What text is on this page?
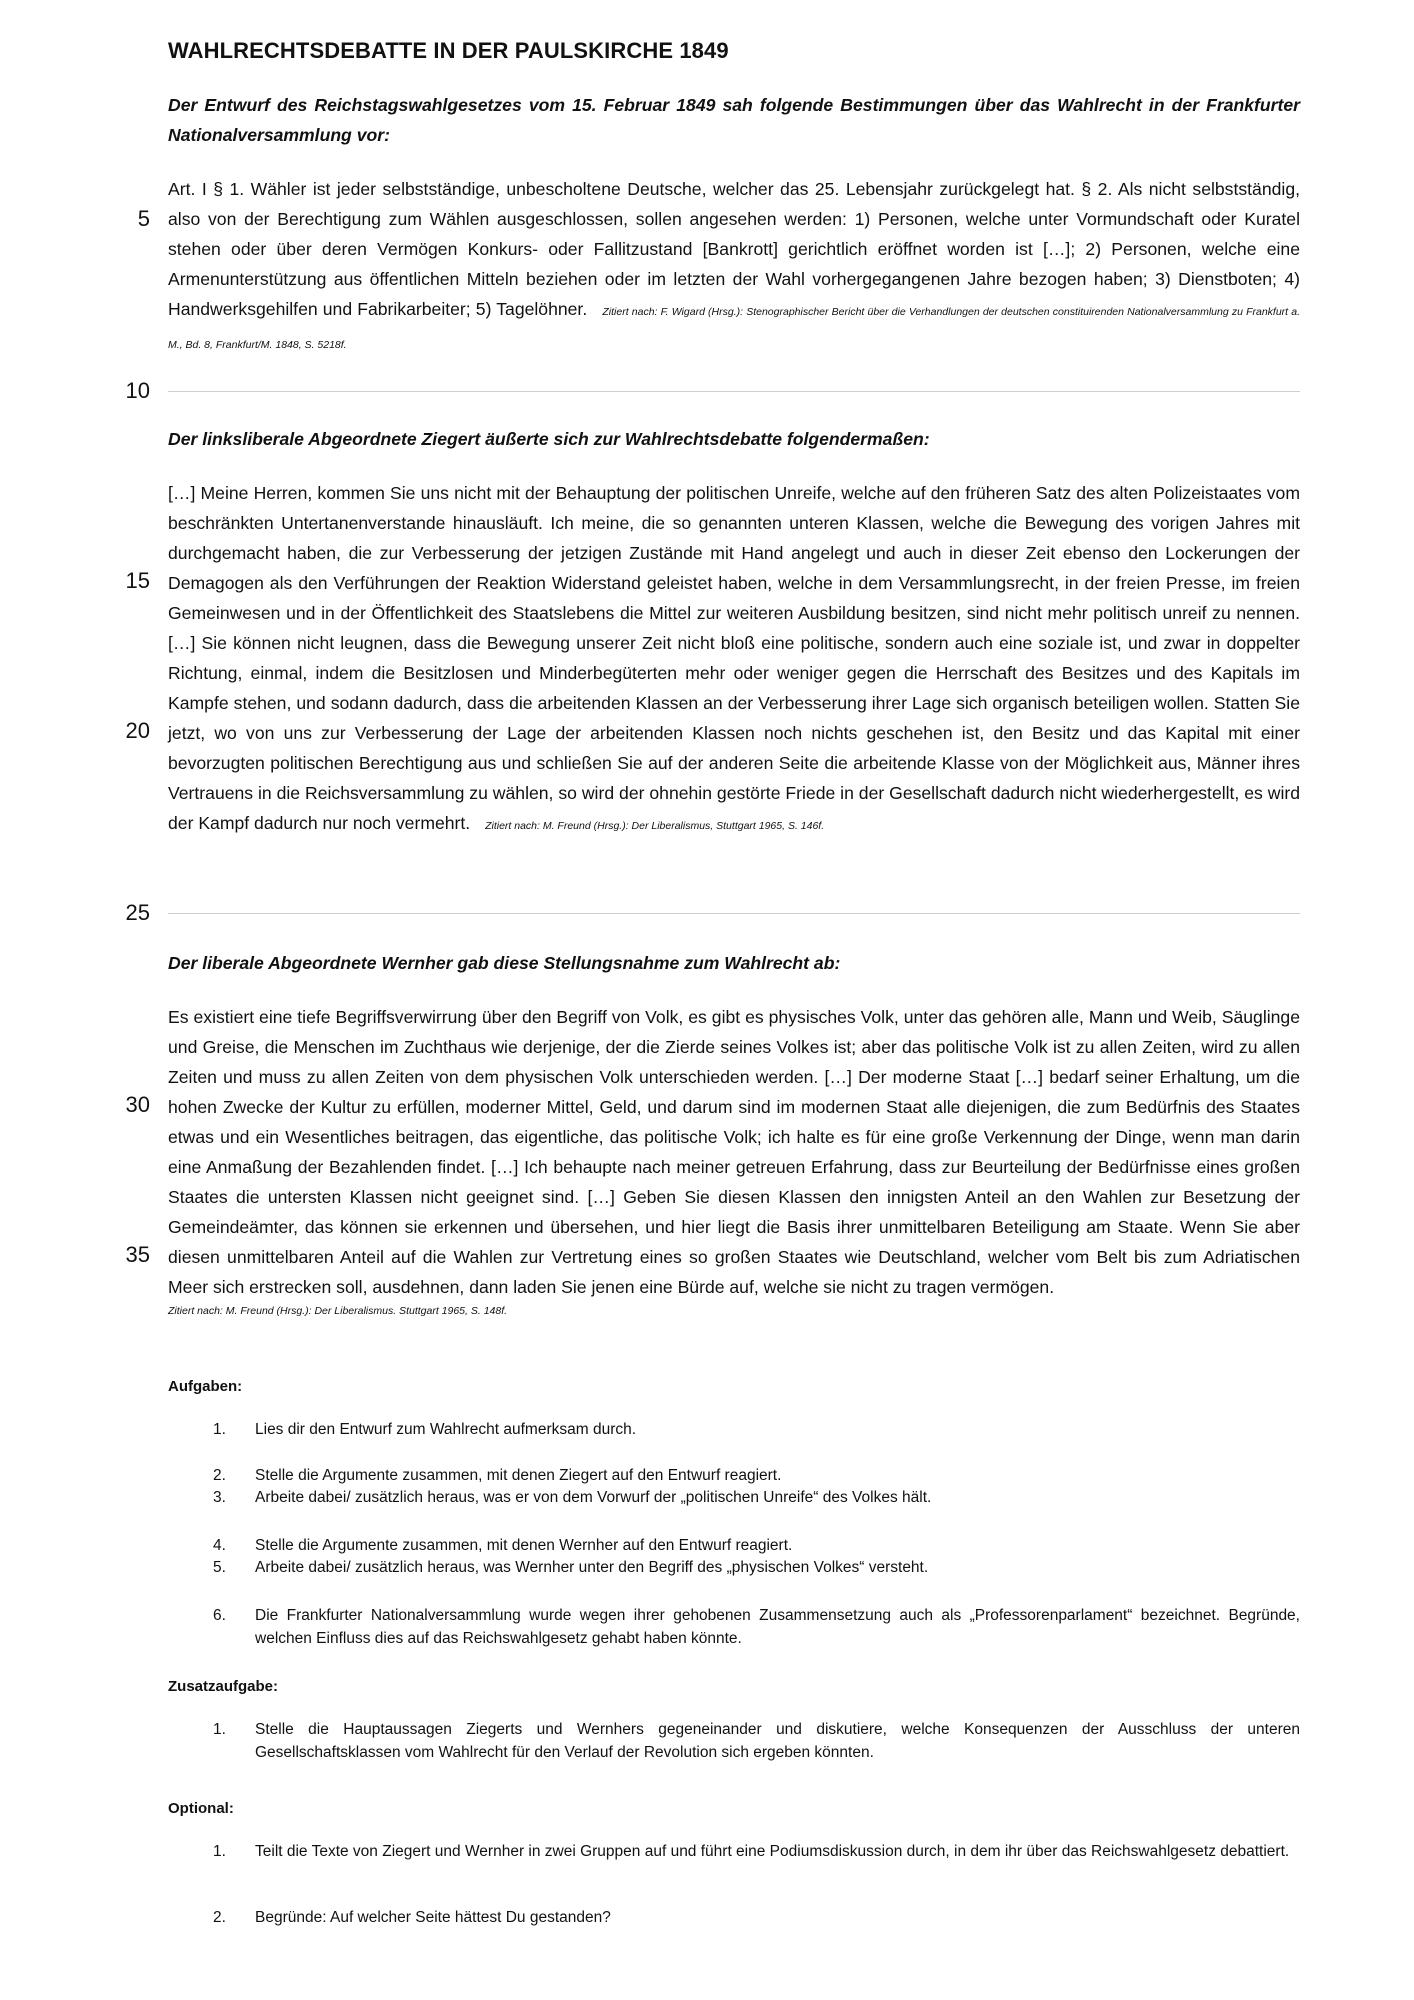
WAHLRECHTSDEBATTE IN DER PAULSKIRCHE 1849
Der Entwurf des Reichstagswahlgesetzes vom 15. Februar 1849 sah folgende Bestimmungen über das Wahlrecht in der Frankfurter Nationalversammlung vor:
Art. I § 1. Wähler ist jeder selbstständige, unbescholtene Deutsche, welcher das 25. Lebensjahr zurückgelegt hat. § 2. Als nicht selbstständig, also von der Berechtigung zum Wählen ausgeschlossen, sollen angesehen werden: 1) Personen, welche unter Vormundschaft oder Kuratel stehen oder über deren Vermögen Konkurs- oder Fallitzustand [Bankrott] gerichtlich eröffnet worden ist […]; 2) Personen, welche eine Armenunterstützung aus öffentlichen Mitteln beziehen oder im letzten der Wahl vorhergegangenen Jahre bezogen haben; 3) Dienstboten; 4) Handwerksgehilfen und Fabrikarbeiter; 5) Tagelöhner. Zitiert nach: F. Wigard (Hrsg.): Stenographischer Bericht über die Verhandlungen der deutschen constituirenden Nationalversammlung zu Frankfurt a. M., Bd. 8, Frankfurt/M. 1848, S. 5218f.
5
10
Der linksliberale Abgeordnete Ziegert äußerte sich zur Wahlrechtsdebatte folgendermaßen:
[…] Meine Herren, kommen Sie uns nicht mit der Behauptung der politischen Unreife, welche auf den früheren Satz des alten Polizeistaates vom beschränkten Untertanenverstande hinausläuft. Ich meine, die so genannten unteren Klassen, welche die Bewegung des vorigen Jahres mit durchgemacht haben, die zur Verbesserung der jetzigen Zustände mit Hand angelegt und auch in dieser Zeit ebenso den Lockerungen der Demagogen als den Verführungen der Reaktion Widerstand geleistet haben, welche in dem Versammlungsrecht, in der freien Presse, im freien Gemeinwesen und in der Öffentlichkeit des Staatslebens die Mittel zur weiteren Ausbildung besitzen, sind nicht mehr politisch unreif zu nennen. […] Sie können nicht leugnen, dass die Bewegung unserer Zeit nicht bloß eine politische, sondern auch eine soziale ist, und zwar in doppelter Richtung, einmal, indem die Besitzlosen und Minderbegüterten mehr oder weniger gegen die Herrschaft des Besitzes und des Kapitals im Kampfe stehen, und sodann dadurch, dass die arbeitenden Klassen an der Verbesserung ihrer Lage sich organisch beteiligen wollen. Statten Sie jetzt, wo von uns zur Verbesserung der Lage der arbeitenden Klassen noch nichts geschehen ist, den Besitz und das Kapital mit einer bevorzugten politischen Berechtigung aus und schließen Sie auf der anderen Seite die arbeitende Klasse von der Möglichkeit aus, Männer ihres Vertrauens in die Reichsversammlung zu wählen, so wird der ohnehin gestörte Friede in der Gesellschaft dadurch nicht wiederhergestellt, es wird der Kampf dadurch nur noch vermehrt. Zitiert nach: M. Freund (Hrsg.): Der Liberalismus, Stuttgart 1965, S. 146f.
15
20
25
Der liberale Abgeordnete Wernher gab diese Stellungsnahme zum Wahlrecht ab:
Es existiert eine tiefe Begriffsverwirrung über den Begriff von Volk, es gibt es physisches Volk, unter das gehören alle, Mann und Weib, Säuglinge und Greise, die Menschen im Zuchthaus wie derjenige, der die Zierde seines Volkes ist; aber das politische Volk ist zu allen Zeiten, wird zu allen Zeiten und muss zu allen Zeiten von dem physischen Volk unterschieden werden. […] Der moderne Staat […] bedarf seiner Erhaltung, um die hohen Zwecke der Kultur zu erfüllen, moderner Mittel, Geld, und darum sind im modernen Staat alle diejenigen, die zum Bedürfnis des Staates etwas und ein Wesentliches beitragen, das eigentliche, das politische Volk; ich halte es für eine große Verkennung der Dinge, wenn man darin eine Anmaßung der Bezahlenden findet. […] Ich behaupte nach meiner getreuen Erfahrung, dass zur Beurteilung der Bedürfnisse eines großen Staates die untersten Klassen nicht geeignet sind. […] Geben Sie diesen Klassen den innigsten Anteil an den Wahlen zur Besetzung der Gemeindeämter, das können sie erkennen und übersehen, und hier liegt die Basis ihrer unmittelbaren Beteiligung am Staate. Wenn Sie aber diesen unmittelbaren Anteil auf die Wahlen zur Vertretung eines so großen Staates wie Deutschland, welcher vom Belt bis zum Adriatischen Meer sich erstrecken soll, ausdehnen, dann laden Sie jenen eine Bürde auf, welche sie nicht zu tragen vermögen.
Zitiert nach: M. Freund (Hrsg.): Der Liberalismus. Stuttgart 1965, S. 148f.
30
35
Aufgaben:
1.	Lies dir den Entwurf zum Wahlrecht aufmerksam durch.
2.	Stelle die Argumente zusammen, mit denen Ziegert auf den Entwurf reagiert.
3.	Arbeite dabei/ zusätzlich heraus, was er von dem Vorwurf der „politischen Unreife“ des Volkes hält.
4.	Stelle die Argumente zusammen, mit denen Wernher auf den Entwurf reagiert.
5.	Arbeite dabei/ zusätzlich heraus, was Wernher unter den Begriff des „physischen Volkes“ versteht.
6.	Die Frankfurter Nationalversammlung wurde wegen ihrer gehobenen Zusammensetzung auch als „Professorenparlament“ bezeichnet. Begründe, welchen Einfluss dies auf das Reichswahlgesetz gehabt haben könnte.
Zusatzaufgabe:
1.	Stelle die Hauptaussagen Ziegerts und Wernhers gegeneinander und diskutiere, welche Konsequenzen der Ausschluss der unteren Gesellschaftsklassen vom Wahlrecht für den Verlauf der Revolution sich ergeben könnten.
Optional:
1.	Teilt die Texte von Ziegert und Wernher in zwei Gruppen auf und führt eine Podiumsdiskussion durch, in dem ihr über das Reichswahlgesetz debattiert.
2.	Begründe: Auf welcher Seite hättest Du gestanden?
